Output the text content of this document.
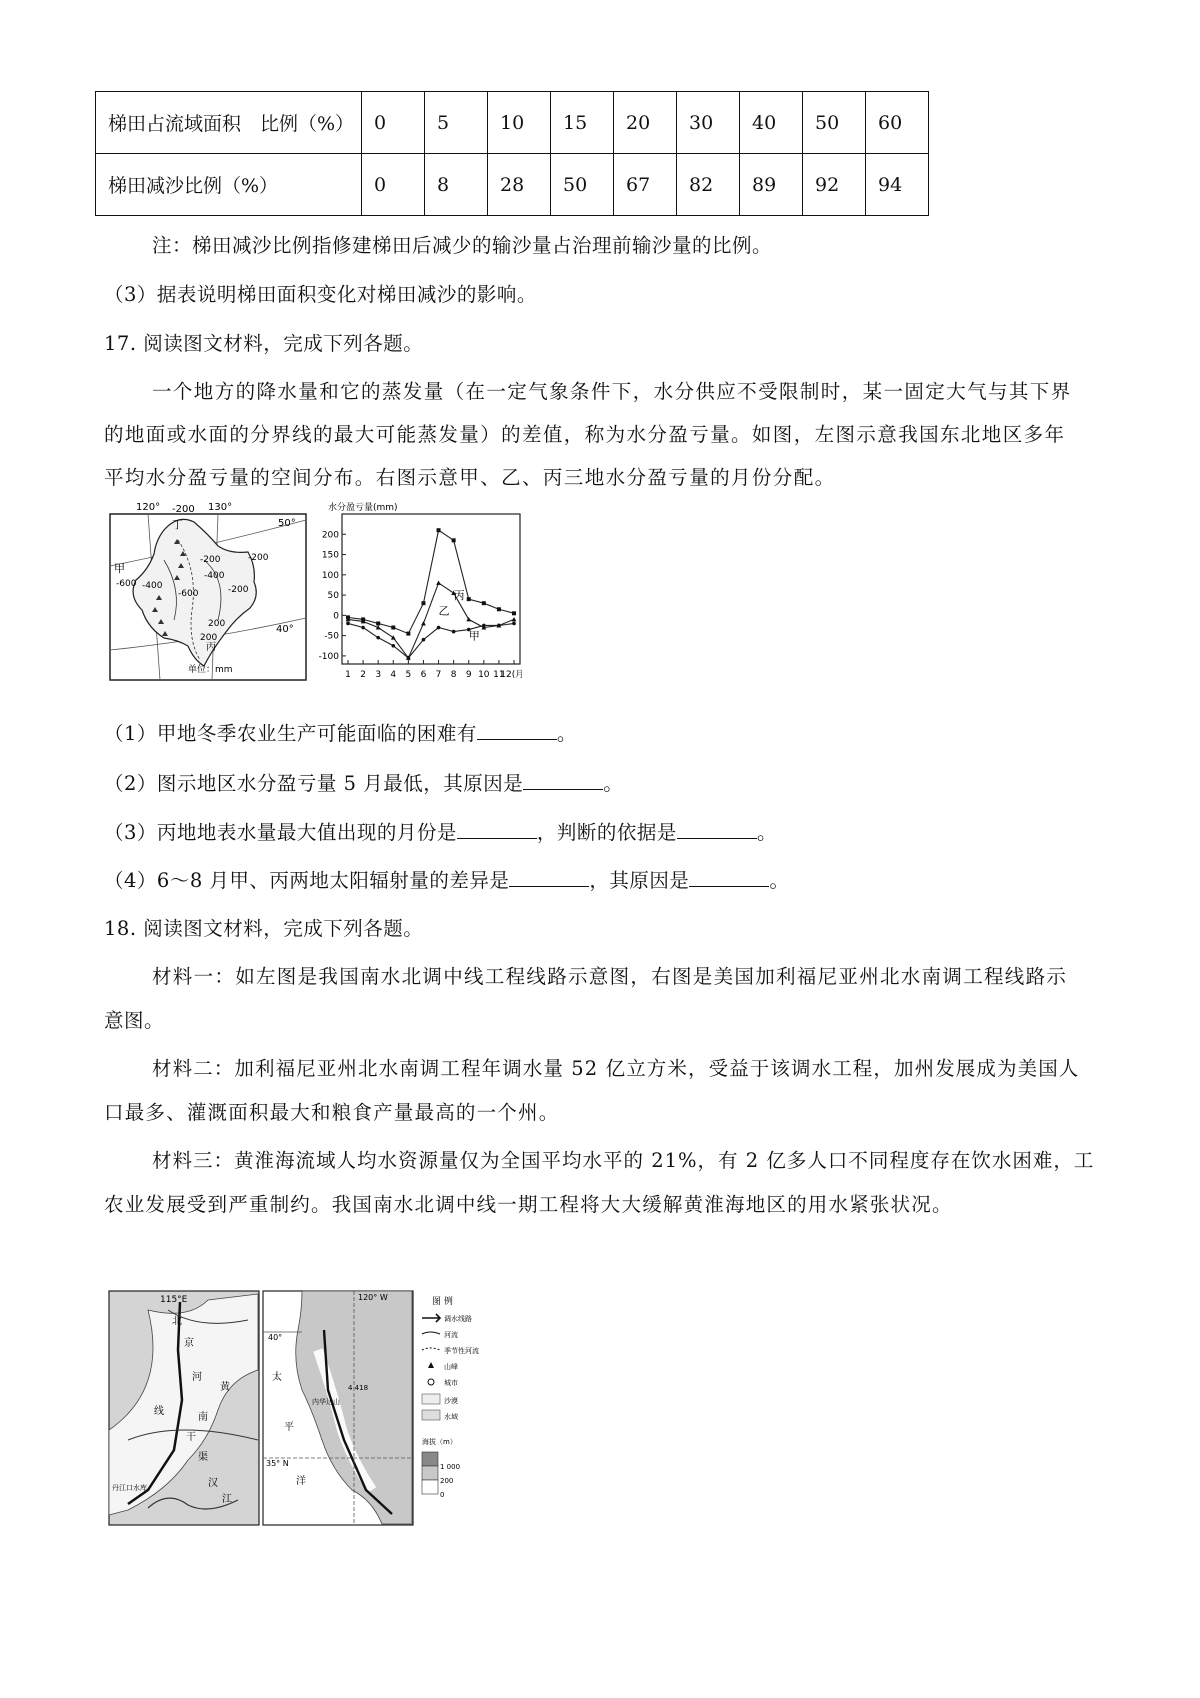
梯田占流域面积　比例（%）	0	5	10	15	20	30	40	50	60
梯田减沙比例（%）	0	8	28	50	67	82	89	92	94
注：梯田减沙比例指修建梯田后减少的输沙量占治理前输沙量的比例。
（3）据表说明梯田面积变化对梯田减沙的影响。
17. 阅读图文材料，完成下列各题。
一个地方的降水量和它的蒸发量（在一定气象条件下，水分供应不受限制时，某一固定大气与其下界
的地面或水面的分界线的最大可能蒸发量）的差值，称为水分盈亏量。如图，左图示意我国东北地区多年
平均水分盈亏量的空间分布。右图示意甲、乙、丙三地水分盈亏量的月份分配。
120°	130°
50°
40°
-200
甲
丁
丙
-600 -400
-200
-200
-400
-200
-600
200
200
单位：mm
水分盈亏量(mm)
200
150
100
50
0
-50
-100
1 2 3 4 5 6 7 8 9 10 11
12(月
丙
乙
甲
（1）甲地冬季农业生产可能面临的困难有	。
（2）图示地区水分盈亏量 5 月最低，其原因是	。
（3）丙地地表水量最大值出现的月份是	，判断的依据是	。
（4）6～8 月甲、丙两地太阳辐射量的差异是	，其原因是	。
18. 阅读图文材料，完成下列各题。
材料一：如左图是我国南水北调中线工程线路示意图，右图是美国加利福尼亚州北水南调工程线路示
意图。
材料二：加利福尼亚州北水南调工程年调水量 52 亿立方米，受益于该调水工程，加州发展成为美国人
口最多、灌溉面积最大和粮食产量最高的一个州。
材料三：黄淮海流域人均水资源量仅为全国平均水平的 21%，有 2 亿多人口不同程度存在饮水困难，工
农业发展受到严重制约。我国南水北调中线一期工程将大大缓解黄淮海地区的用水紧张状况。
115°E
北
京
河
线
南
黄
干
渠
丹江口水库	汉
江
120° W
40°
35° N
4 418
内华达山
太
平
洋
图 例
调水线路
河流
季节性河流
山峰
城市
沙漠
水域
海拔（m）
1 000
200
0
